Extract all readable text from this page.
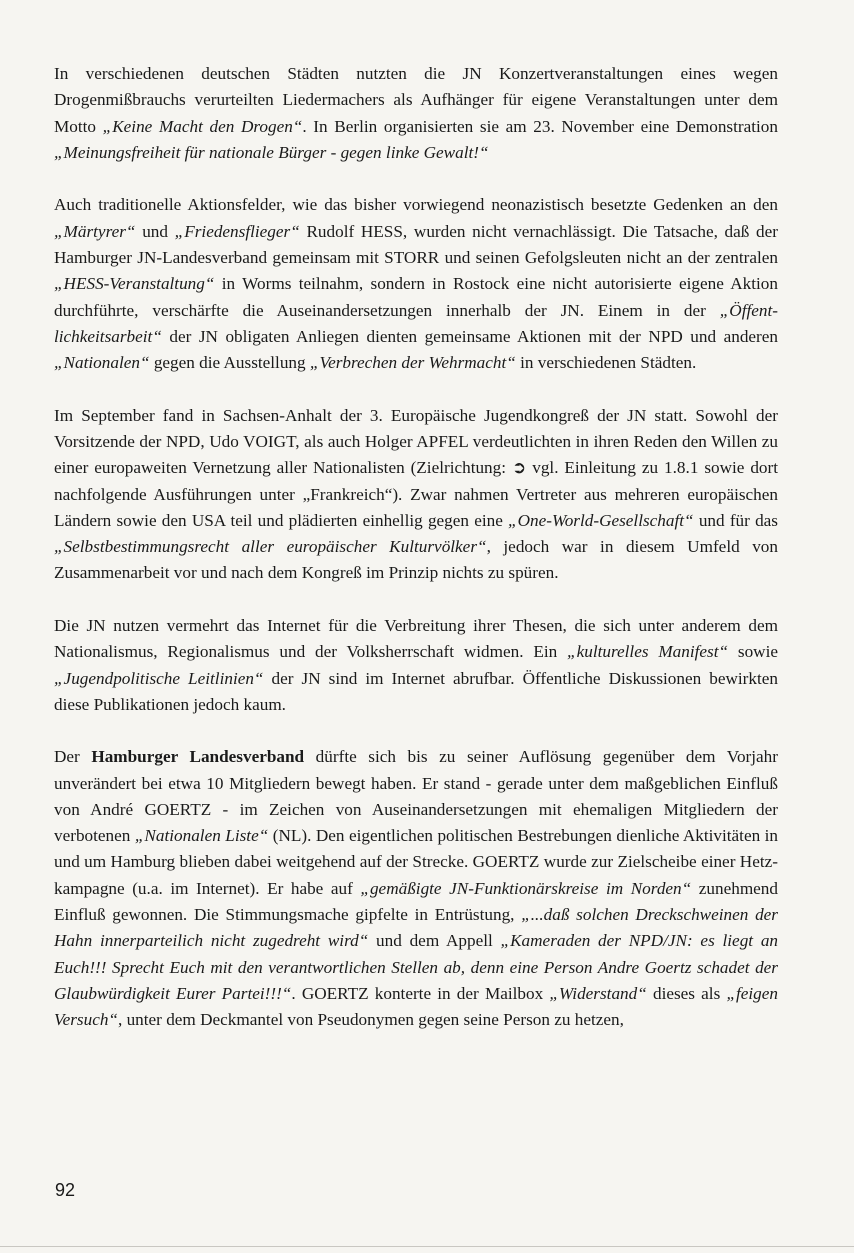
In verschiedenen deutschen Städten nutzten die JN Konzertveranstaltungen eines wegen Drogenmißbrauchs verurteilten Liedermachers als Aufhänger für eigene Veranstaltungen unter dem Motto „Keine Macht den Drogen“. In Berlin organisierten sie am 23. November eine Demonstration „Meinungsfreiheit für nationale Bürger - gegen linke Gewalt!“

Auch traditionelle Aktionsfelder, wie das bisher vorwiegend neonazistisch besetzte Gedenken an den „Märtyrer“ und „Friedensflieger“ Rudolf HESS, wurden nicht vernachlässigt. Die Tatsache, daß der Hamburger JN-Landesverband gemeinsam mit STORR und seinen Gefolgsleuten nicht an der zentralen „HESS-Veranstaltung“ in Worms teilnahm, sondern in Rostock eine nicht autorisierte eigene Aktion durchführte, verschärfte die Auseinandersetzungen innerhalb der JN. Einem in der „Öffentlichkeitsarbeit“ der JN obligaten Anliegen dienten gemeinsame Aktionen mit der NPD und anderen „Nationalen“ gegen die Ausstellung „Verbrechen der Wehrmacht“ in verschiedenen Städten.

Im September fand in Sachsen-Anhalt der 3. Europäische Jugendkongreß der JN statt. Sowohl der Vorsitzende der NPD, Udo VOIGT, als auch Holger APFEL verdeutlichten in ihren Reden den Willen zu einer europaweiten Vernetzung aller Nationalisten (Zielrichtung: ➲ vgl. Einleitung zu 1.8.1 sowie dort nachfolgende Ausführungen unter „Frankreich“). Zwar nahmen Vertreter aus mehreren europäischen Ländern sowie den USA teil und plädierten einhellig gegen eine „One-World-Gesellschaft“ und für das „Selbstbestimmungsrecht aller europäischer Kulturvölker“, jedoch war in diesem Umfeld von Zusammenarbeit vor und nach dem Kongreß im Prinzip nichts zu spüren.

Die JN nutzen vermehrt das Internet für die Verbreitung ihrer Thesen, die sich unter anderem dem Nationalismus, Regionalismus und der Volksherrschaft widmen. Ein „kulturelles Manifest“ sowie „Jugendpolitische Leitlinien“ der JN sind im Internet abrufbar. Öffentliche Diskussionen bewirkten diese Publikationen jedoch kaum.

Der Hamburger Landesverband dürfte sich bis zu seiner Auflösung gegenüber dem Vorjahr unverändert bei etwa 10 Mitgliedern bewegt haben. Er stand - gerade unter dem maßgeblichen Einfluß von André GOERTZ - im Zeichen von Auseinandersetzungen mit ehemaligen Mitgliedern der verbotenen „Nationalen Liste“ (NL). Den eigentlichen politischen Bestrebungen dienliche Aktivitäten in und um Hamburg blieben dabei weitgehend auf der Strecke. GOERTZ wurde zur Zielscheibe einer Hetzkampagne (u.a. im Internet). Er habe auf „gemäßigte JN-Funktionärskreise im Norden“ zunehmend Einfluß gewonnen. Die Stimmungsmache gipfelte in Entrüstung, „...daß solchen Dreckschweinen der Hahn innerparteilich nicht zugedreht wird“ und dem Appell „Kameraden der NPD/JN: es liegt an Euch!!! Sprecht Euch mit den verantwortlichen Stellen ab, denn eine Person Andre Goertz schadet der Glaubwürdigkeit Eurer Partei!!!“. GOERTZ konterte in der Mailbox „Widerstand“ dieses als „feigen Versuch“, unter dem Deckmantel von Pseudonymen gegen seine Person zu hetzen,

92
